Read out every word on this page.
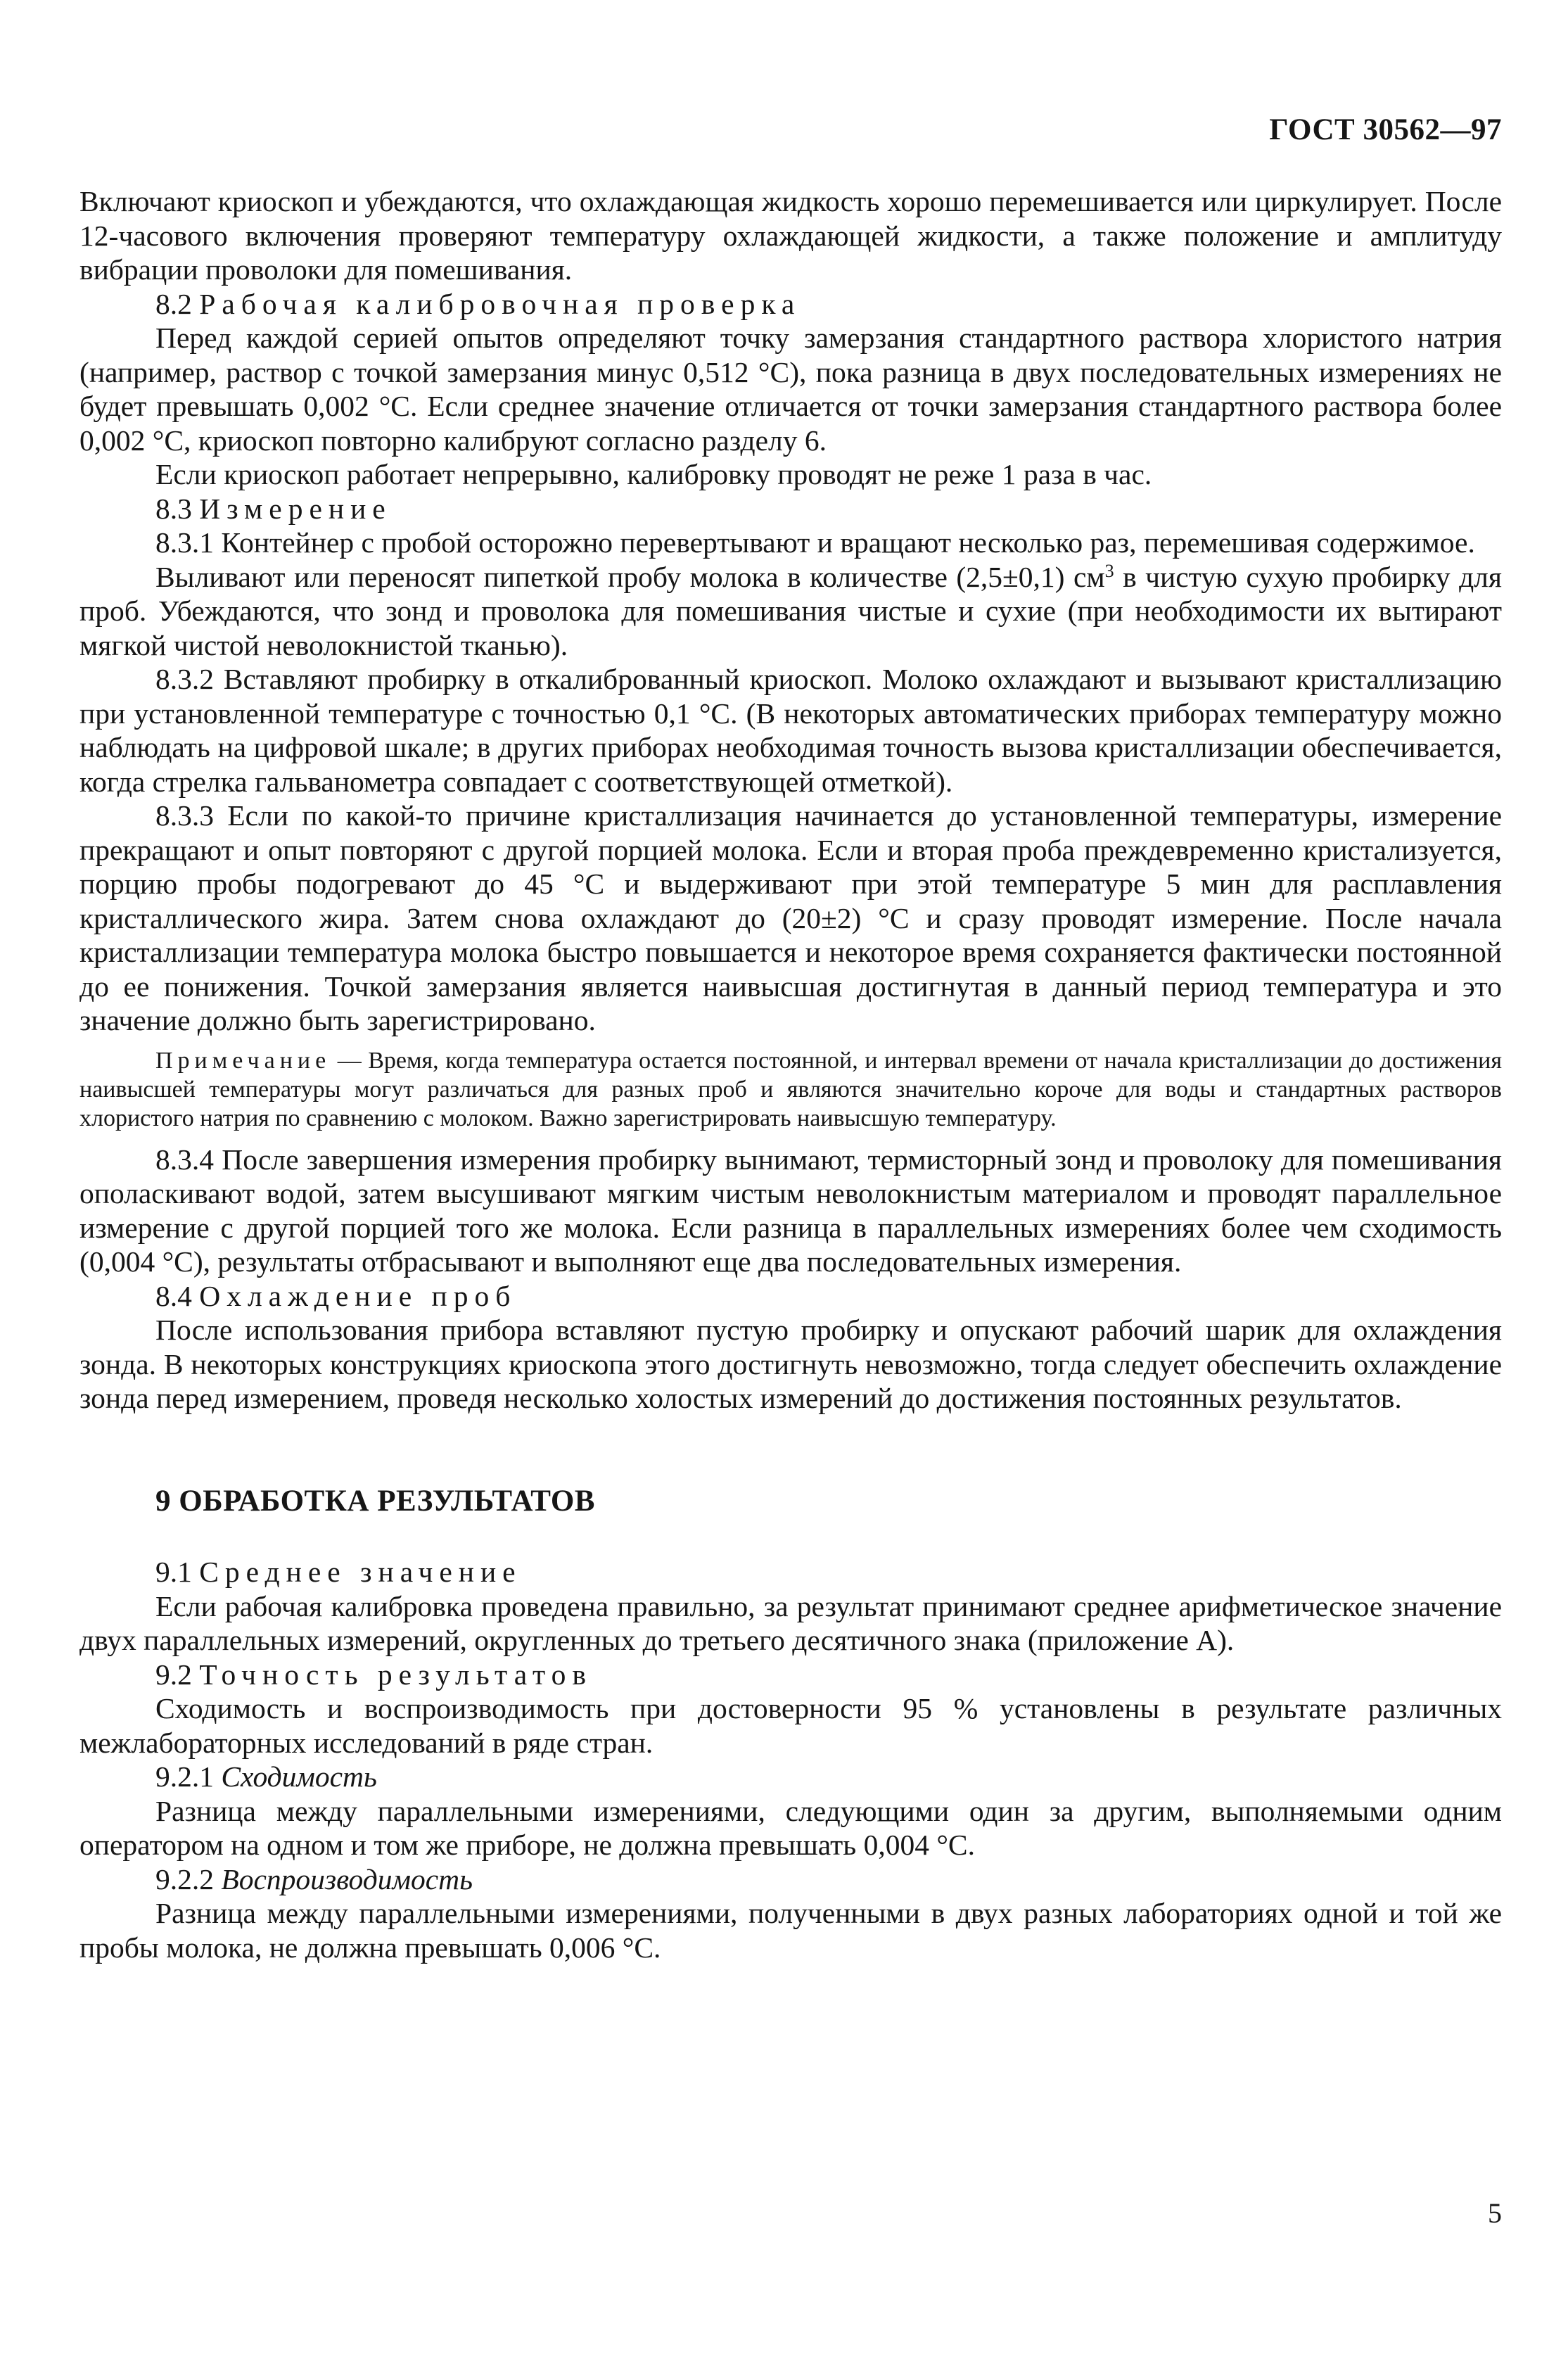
ГОСТ 30562—97

Включают криоскоп и убеждаются, что охлаждающая жидкость хорошо перемешивается или циркулирует. После 12-часового включения проверяют температуру охлаждающей жидкости, а также положение и амплитуду вибрации проволоки для помешивания.

8.2 Рабочая калибровочная проверка

Перед каждой серией опытов определяют точку замерзания стандартного раствора хлористого натрия (например, раствор с точкой замерзания минус 0,512 °С), пока разница в двух последовательных измерениях не будет превышать 0,002 °С. Если среднее значение отличается от точки замерзания стандартного раствора более 0,002 °С, криоскоп повторно калибруют согласно разделу 6.

Если криоскоп работает непрерывно, калибровку проводят не реже 1 раза в час.

8.3 Измерение

8.3.1 Контейнер с пробой осторожно перевертывают и вращают несколько раз, перемешивая содержимое.

Выливают или переносят пипеткой пробу молока в количестве (2,5±0,1) $см^3$ в чистую сухую пробирку для проб. Убеждаются, что зонд и проволока для помешивания чистые и сухие (при необходимости их вытирают мягкой чистой неволокнистой тканью).

8.3.2 Вставляют пробирку в откалиброванный криоскоп. Молоко охлаждают и вызывают кристаллизацию при установленной температуре с точностью 0,1 °С. (В некоторых автоматических приборах температуру можно наблюдать на цифровой шкале; в других приборах необходимая точность вызова кристаллизации обеспечивается, когда стрелка гальванометра совпадает с соответствующей отметкой).

8.3.3 Если по какой-то причине кристаллизация начинается до установленной температуры, измерение прекращают и опыт повторяют с другой порцией молока. Если и вторая проба преждевременно кристализуется, порцию пробы подогревают до 45 °С и выдерживают при этой температуре 5 мин для расплавления кристаллического жира. Затем снова охлаждают до (20±2) °С и сразу проводят измерение. После начала кристаллизации температура молока быстро повышается и некоторое время сохраняется фактически постоянной до ее понижения. Точкой замерзания является наивысшая достигнутая в данный период температура и это значение должно быть зарегистрировано.

Примечание — Время, когда температура остается постоянной, и интервал времени от начала кристаллизации до достижения наивысшей температуры могут различаться для разных проб и являются значительно короче для воды и стандартных растворов хлористого натрия по сравнению с молоком. Важно зарегистрировать наивысшую температуру.

8.3.4 После завершения измерения пробирку вынимают, термисторный зонд и проволоку для помешивания ополаскивают водой, затем высушивают мягким чистым неволокнистым материалом и проводят параллельное измерение с другой порцией того же молока. Если разница в параллельных измерениях более чем сходимость (0,004 °С), результаты отбрасывают и выполняют еще два последовательных измерения.

8.4 Охлаждение проб

После использования прибора вставляют пустую пробирку и опускают рабочий шарик для охлаждения зонда. В некоторых конструкциях криоскопа этого достигнуть невозможно, тогда следует обеспечить охлаждение зонда перед измерением, проведя несколько холостых измерений до достижения постоянных результатов.

9 ОБРАБОТКА РЕЗУЛЬТАТОВ

9.1 Среднее значение

Если рабочая калибровка проведена правильно, за результат принимают среднее арифметическое значение двух параллельных измерений, округленных до третьего десятичного знака (приложение А).

9.2 Точность результатов

Сходимость и воспроизводимость при достоверности 95 % установлены в результате различных межлабораторных исследований в ряде стран.

9.2.1 Сходимость

Разница между параллельными измерениями, следующими один за другим, выполняемыми одним оператором на одном и том же приборе, не должна превышать 0,004 °С.

9.2.2 Воспроизводимость

Разница между параллельными измерениями, полученными в двух разных лабораториях одной и той же пробы молока, не должна превышать 0,006 °С.

5
